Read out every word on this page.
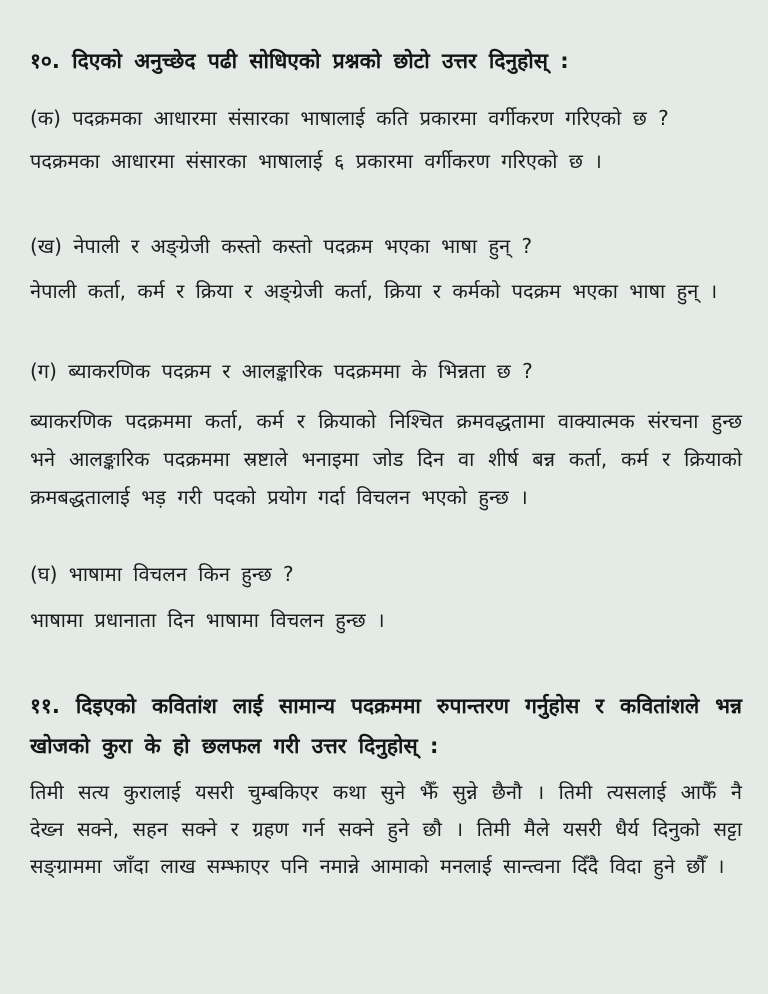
१०. दिएको अनुच्छेद पढी सोधिएको प्रश्नको छोटो उत्तर दिनुहोस् :

(क) पदक्रमका आधारमा संसारका भाषालाई कति प्रकारमा वर्गीकरण गरिएको छ ?

पदक्रमका आधारमा संसारका भाषालाई ६ प्रकारमा वर्गीकरण गरिएको छ ।

(ख) नेपाली र अङ्ग्रेजी कस्तो कस्तो पदक्रम भएका भाषा हुन् ?

नेपाली कर्ता, कर्म र क्रिया र अङ्ग्रेजी कर्ता, क्रिया र कर्मको पदक्रम भएका भाषा हुन् ।

(ग) ब्याकरणिक पदक्रम र आलङ्कारिक पदक्रममा के भिन्नता छ ?

ब्याकरणिक पदक्रममा कर्ता, कर्म र क्रियाको निश्चित क्रमवद्धतामा वाक्यात्मक संरचना हुन्छ भने आलङ्कारिक पदक्रममा स्रष्टाले भनाइमा जोड दिन वा शीर्ष बन्न कर्ता, कर्म र क्रियाको क्रमबद्धतालाई भड़ गरी पदको प्रयोग गर्दा विचलन भएको हुन्छ ।

(घ) भाषामा विचलन किन हुन्छ ?

भाषामा प्रधानाता दिन भाषामा विचलन हुन्छ ।

११. दिइएको कवितांश लाई सामान्य पदक्रममा रुपान्तरण गर्नुहोस र कवितांशले भन्न खोजको कुरा के हो छलफल गरी उत्तर दिनुहोस् :

तिमी सत्य कुरालाई यसरी चुम्बकिएर कथा सुने झैँ सुन्ने छैनौ । तिमी त्यसलाई आफैँ नै देख्न सक्ने, सहन सक्ने र ग्रहण गर्न सक्ने हुने छौ । तिमी मैले यसरी धैर्य दिनुको सट्टा सङ्ग्राममा जाँदा लाख सम्झाएर पनि नमान्ने आमाको मनलाई सान्त्वना दिँदै विदा हुने छौँ ।
